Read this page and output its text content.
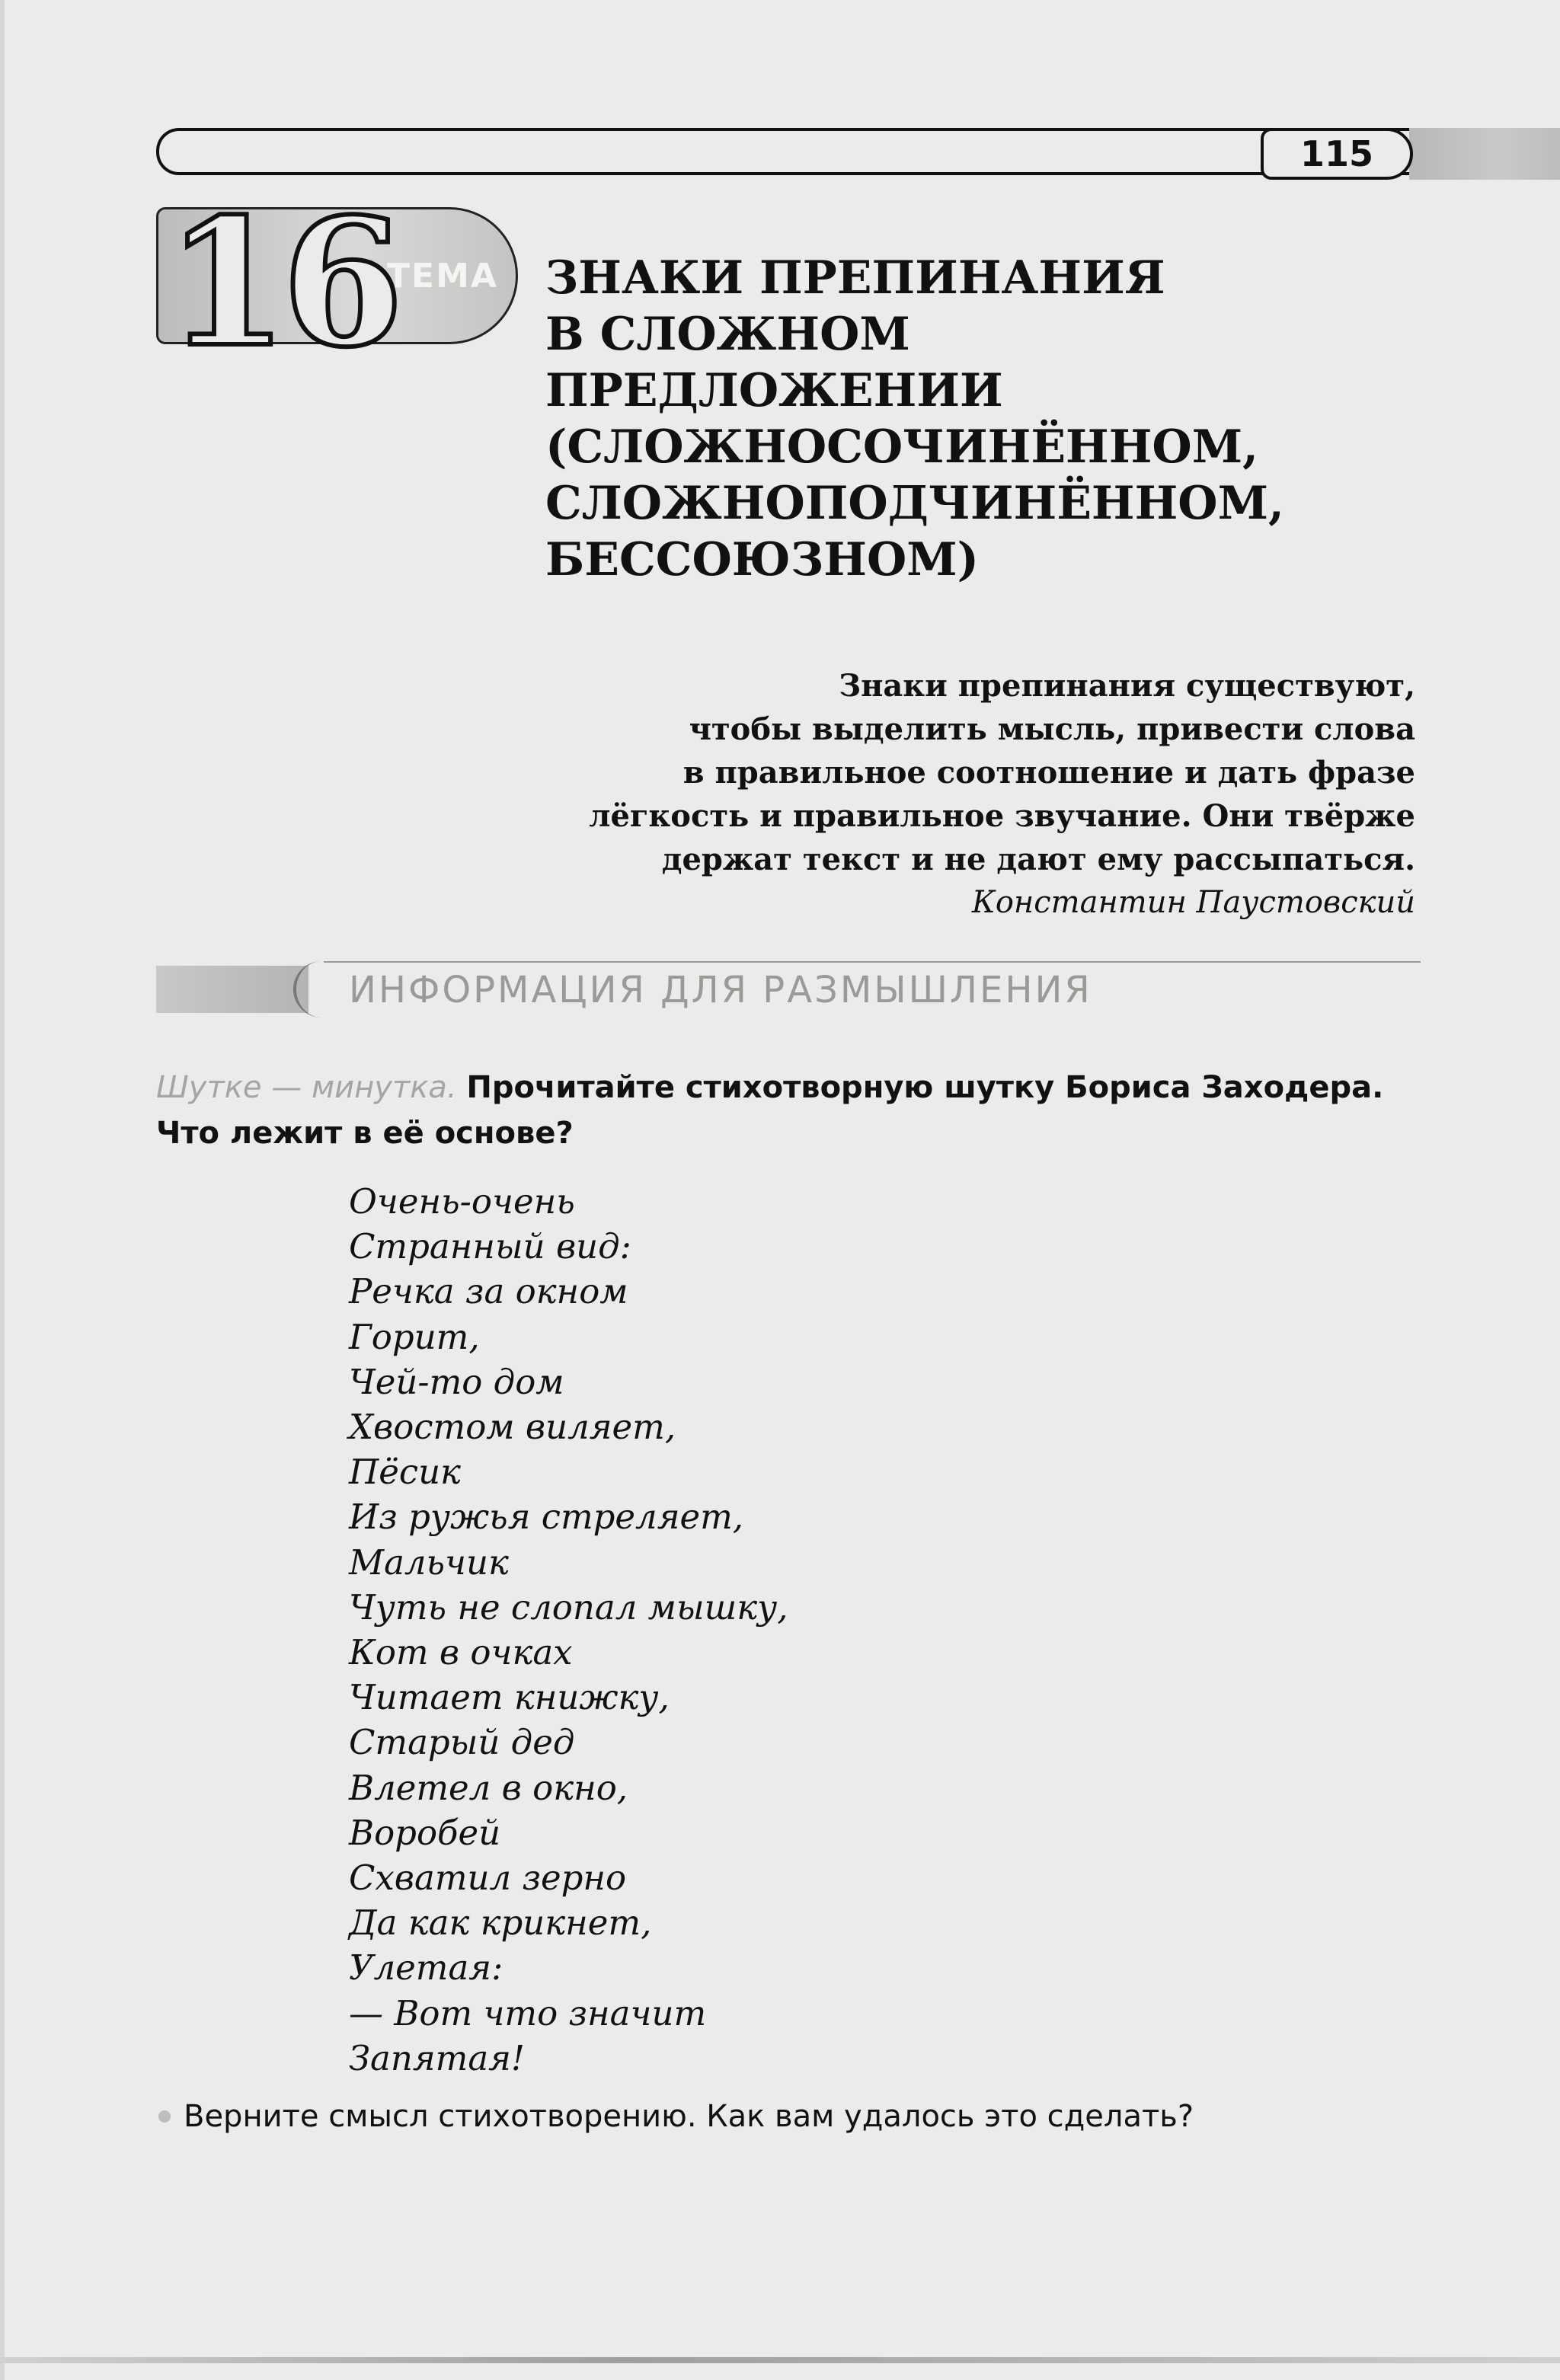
115
ТЕМА
16	ЗНАКИ ПРЕПИНАНИЯ
В СЛОЖНОМ
ПРЕДЛОЖЕНИИ
(СЛОЖНОСОЧИНЁННОМ,
СЛОЖНОПОДЧИНЁННОМ,
БЕССОЮЗНОМ)
Знаки препинания существуют,
чтобы выделить мысль, привести слова
в правильное соотношение и дать фразе
лёгкость и правильное звучание. Они твёрже
держат текст и не дают ему рассыпаться.
Константин Паустовский
ИНФОРМАЦИЯ ДЛЯ РАЗМЫШЛЕНИЯ
Шутке — минутка. Прочитайте стихотворную шутку Бориса Заходера. Что лежит в её основе?
Очень-очень
Странный вид:
Речка за окном
Горит,
Чей-то дом
Хвостом виляет,
Пёсик
Из ружья стреляет,
Мальчик
Чуть не слопал мышку,
Кот в очках
Читает книжку,
Старый дед
Влетел в окно,
Воробей
Схватил зерно
Да как крикнет,
Улетая:
— Вот что значит
Запятая!
Верните смысл стихотворению. Как вам удалось это сделать?
